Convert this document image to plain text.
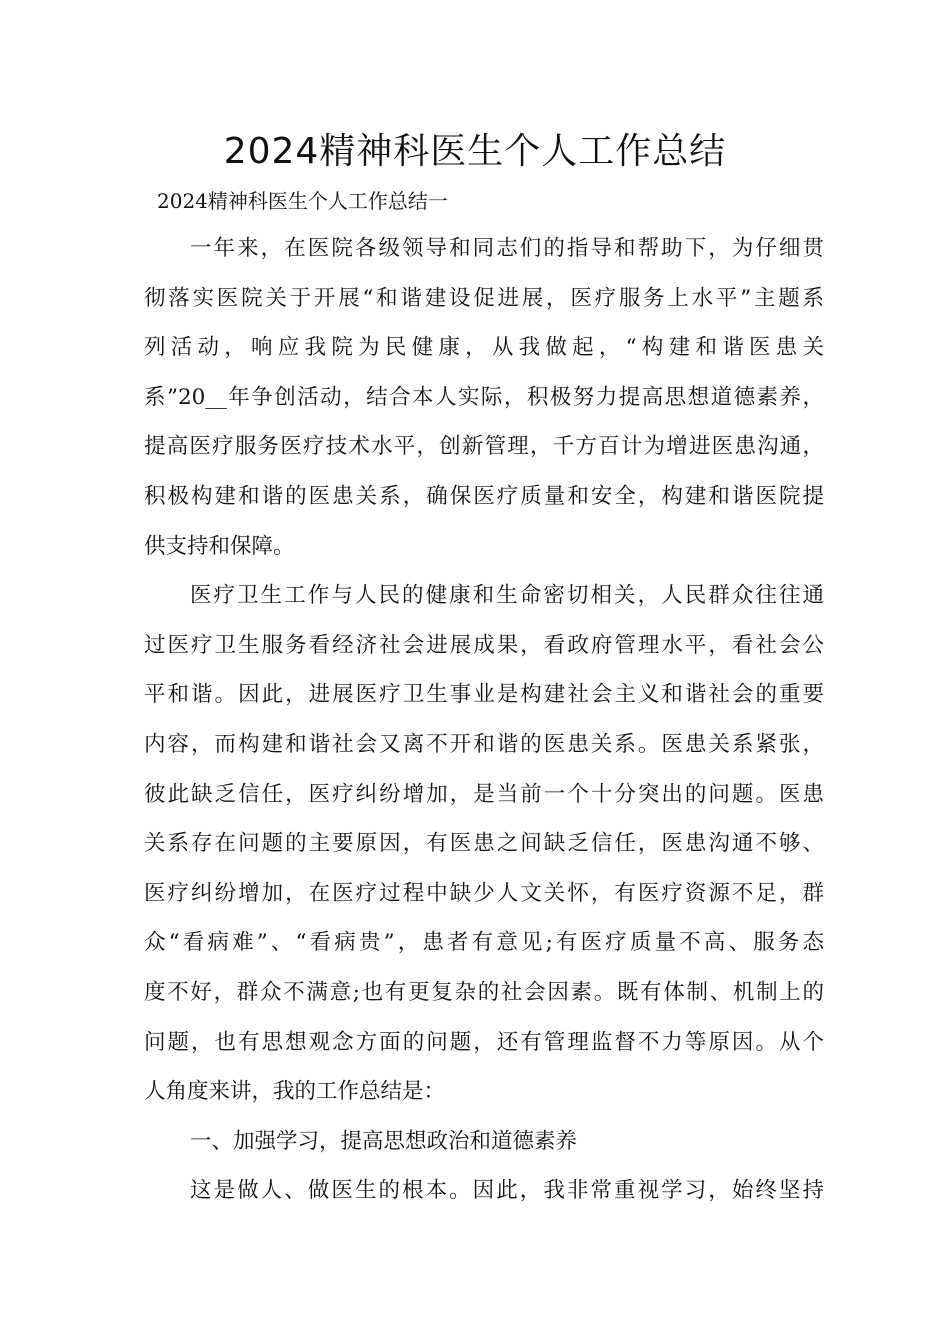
2024精神科医生个人工作总结

2024精神科医生个人工作总结一

一年来，在医院各级领导和同志们的指导和帮助下，为仔细贯
彻落实医院关于开展“和谐建设促进展，医疗服务上水平”主题系
列活动，响应我院为民健康，从我做起，“构建和谐医患关
系”20__年争创活动，结合本人实际，积极努力提高思想道德素养，
提高医疗服务医疗技术水平，创新管理，千方百计为增进医患沟通，
积极构建和谐的医患关系，确保医疗质量和安全，构建和谐医院提
供支持和保障。
医疗卫生工作与人民的健康和生命密切相关，人民群众往往通
过医疗卫生服务看经济社会进展成果，看政府管理水平，看社会公
平和谐。因此，进展医疗卫生事业是构建社会主义和谐社会的重要
内容，而构建和谐社会又离不开和谐的医患关系。医患关系紧张，
彼此缺乏信任，医疗纠纷增加，是当前一个十分突出的问题。医患
关系存在问题的主要原因，有医患之间缺乏信任，医患沟通不够、
医疗纠纷增加，在医疗过程中缺少人文关怀，有医疗资源不足，群
众“看病难”、“看病贵”，患者有意见;有医疗质量不高、服务态
度不好，群众不满意;也有更复杂的社会因素。既有体制、机制上的
问题，也有思想观念方面的问题，还有管理监督不力等原因。从个
人角度来讲，我的工作总结是：
一、加强学习，提高思想政治和道德素养
这是做人、做医生的根本。因此，我非常重视学习，始终坚持
